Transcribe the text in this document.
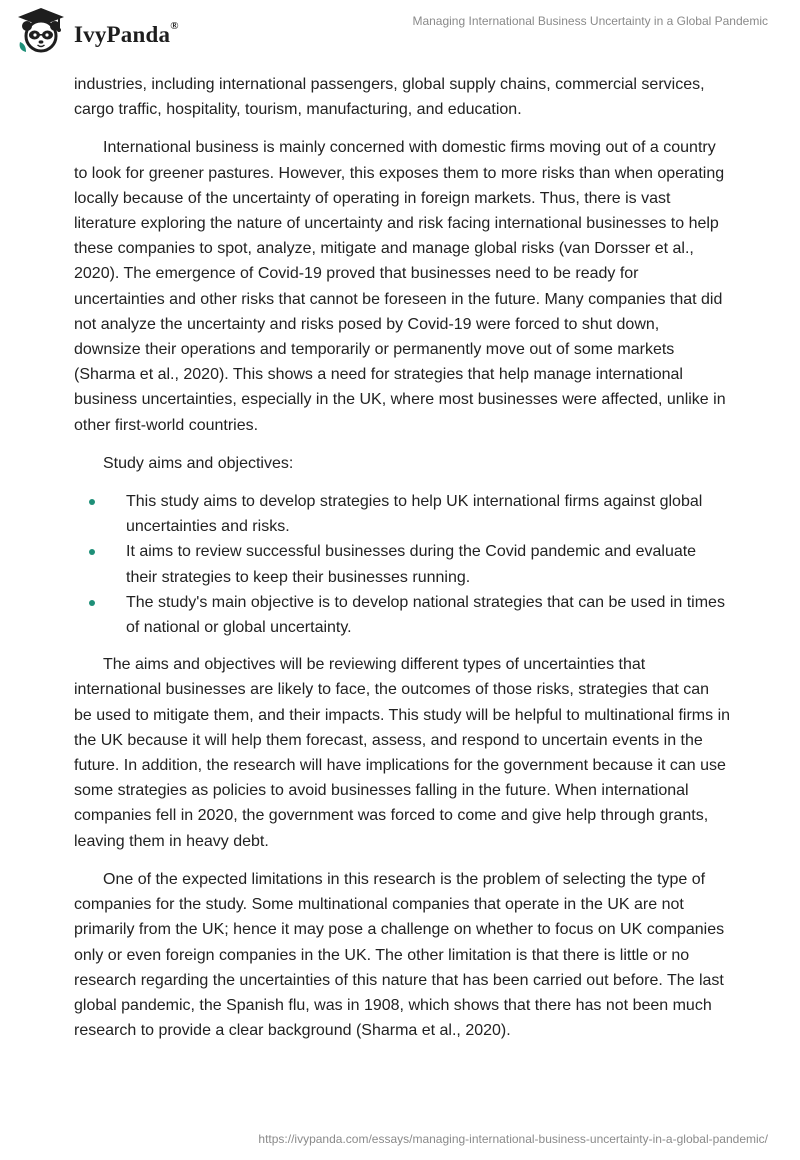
IvyPanda®	Managing International Business Uncertainty in a Global Pandemic

industries, including international passengers, global supply chains, commercial services, cargo traffic, hospitality, tourism, manufacturing, and education.

International business is mainly concerned with domestic firms moving out of a country to look for greener pastures. However, this exposes them to more risks than when operating locally because of the uncertainty of operating in foreign markets. Thus, there is vast literature exploring the nature of uncertainty and risk facing international businesses to help these companies to spot, analyze, mitigate and manage global risks (van Dorsser et al., 2020). The emergence of Covid-19 proved that businesses need to be ready for uncertainties and other risks that cannot be foreseen in the future. Many companies that did not analyze the uncertainty and risks posed by Covid-19 were forced to shut down, downsize their operations and temporarily or permanently move out of some markets (Sharma et al., 2020). This shows a need for strategies that help manage international business uncertainties, especially in the UK, where most businesses were affected, unlike in other first-world countries.

Study aims and objectives:

This study aims to develop strategies to help UK international firms against global uncertainties and risks.
It aims to review successful businesses during the Covid pandemic and evaluate their strategies to keep their businesses running.
The study's main objective is to develop national strategies that can be used in times of national or global uncertainty.

The aims and objectives will be reviewing different types of uncertainties that international businesses are likely to face, the outcomes of those risks, strategies that can be used to mitigate them, and their impacts. This study will be helpful to multinational firms in the UK because it will help them forecast, assess, and respond to uncertain events in the future. In addition, the research will have implications for the government because it can use some strategies as policies to avoid businesses falling in the future. When international companies fell in 2020, the government was forced to come and give help through grants, leaving them in heavy debt.

One of the expected limitations in this research is the problem of selecting the type of companies for the study. Some multinational companies that operate in the UK are not primarily from the UK; hence it may pose a challenge on whether to focus on UK companies only or even foreign companies in the UK. The other limitation is that there is little or no research regarding the uncertainties of this nature that has been carried out before. The last global pandemic, the Spanish flu, was in 1908, which shows that there has not been much research to provide a clear background (Sharma et al., 2020).

https://ivypanda.com/essays/managing-international-business-uncertainty-in-a-global-pandemic/
